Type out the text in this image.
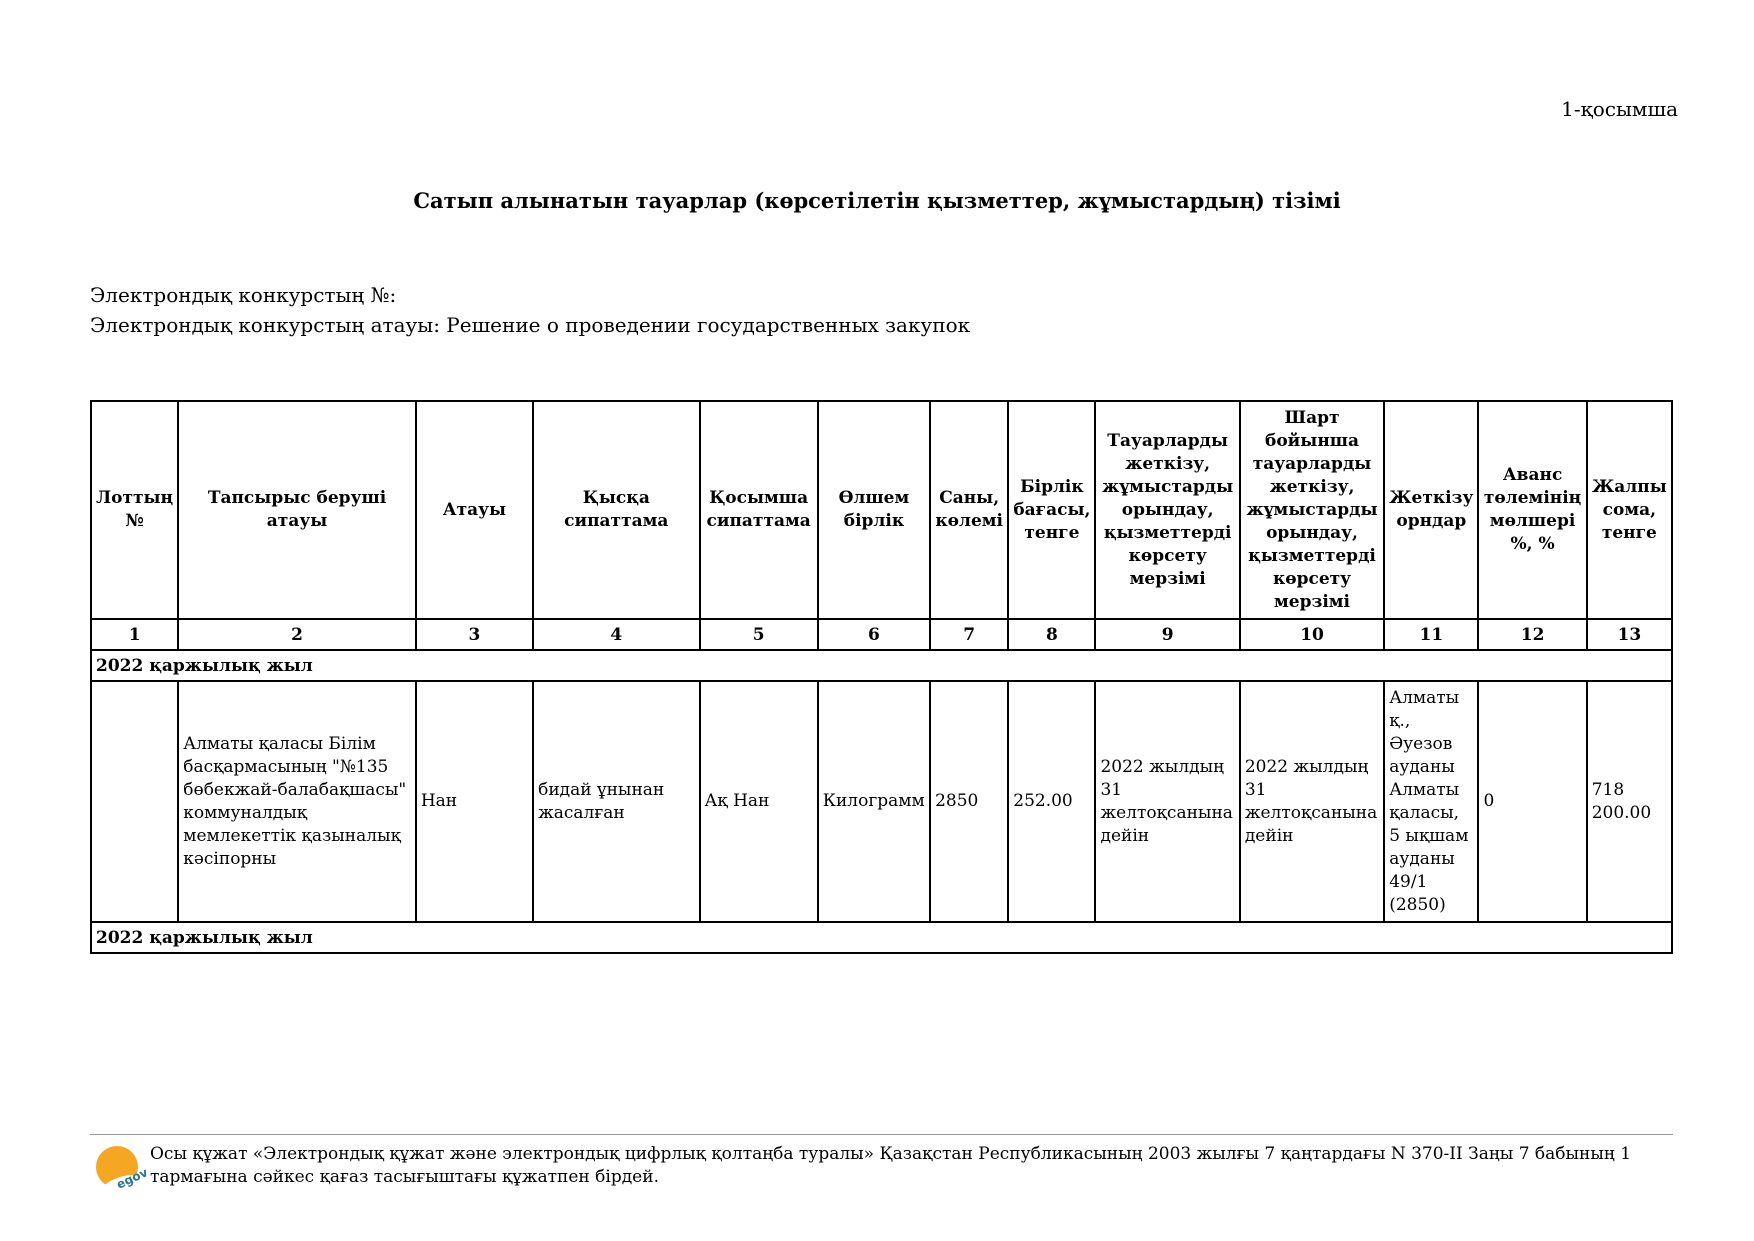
1-қосымша
Сатып алынатын тауарлар (көрсетілетін қызметтер, жұмыстардың) тізімі
Электрондық конкурстың №:
Электрондық конкурстың атауы: Решение о проведении государственных закупок
Лоттың №	Тапсырыс беруші атауы	Атауы	Қысқа сипаттама	Қосымша сипаттама	Өлшем бірлік	Саны, көлемі	Бірлік бағасы, тенге	Тауарларды жеткізу, жұмыстарды орындау, қызметтерді көрсету мерзімі	Шарт бойынша тауарларды жеткізу, жұмыстарды орындау, қызметтерді көрсету мерзімі	Жеткізу орндар	Аванс төлемінің мөлшері %, %	Жалпы сома, тенге
1	2	3	4	5	6	7	8	9	10	11	12	13
2022 қаржылық жыл												
	Алматы қаласы Білім басқармасының "№135 бөбекжай-балабақшасы" коммуналдық мемлекеттік қазыналық кәсіпорны	Нан	бидай ұнынан жасалған	Ақ Нан	Килограмм	2850	252.00	2022 жылдың 31 желтоқсанына дейін	2022 жылдың 31 желтоқсанына дейін	Алматы қ., Әуезов ауданы Алматы қаласы, 5 ықшам ауданы 49/1 (2850)	0	718 200.00
2022 қаржылық жыл												
egov
Осы құжат «Электрондық құжат және электрондық цифрлық қолтаңба туралы» Қазақстан Республикасының 2003 жылғы 7 қаңтардағы N 370-II Заңы 7 бабының 1 тармағына сәйкес қағаз тасығыштағы құжатпен бірдей.
